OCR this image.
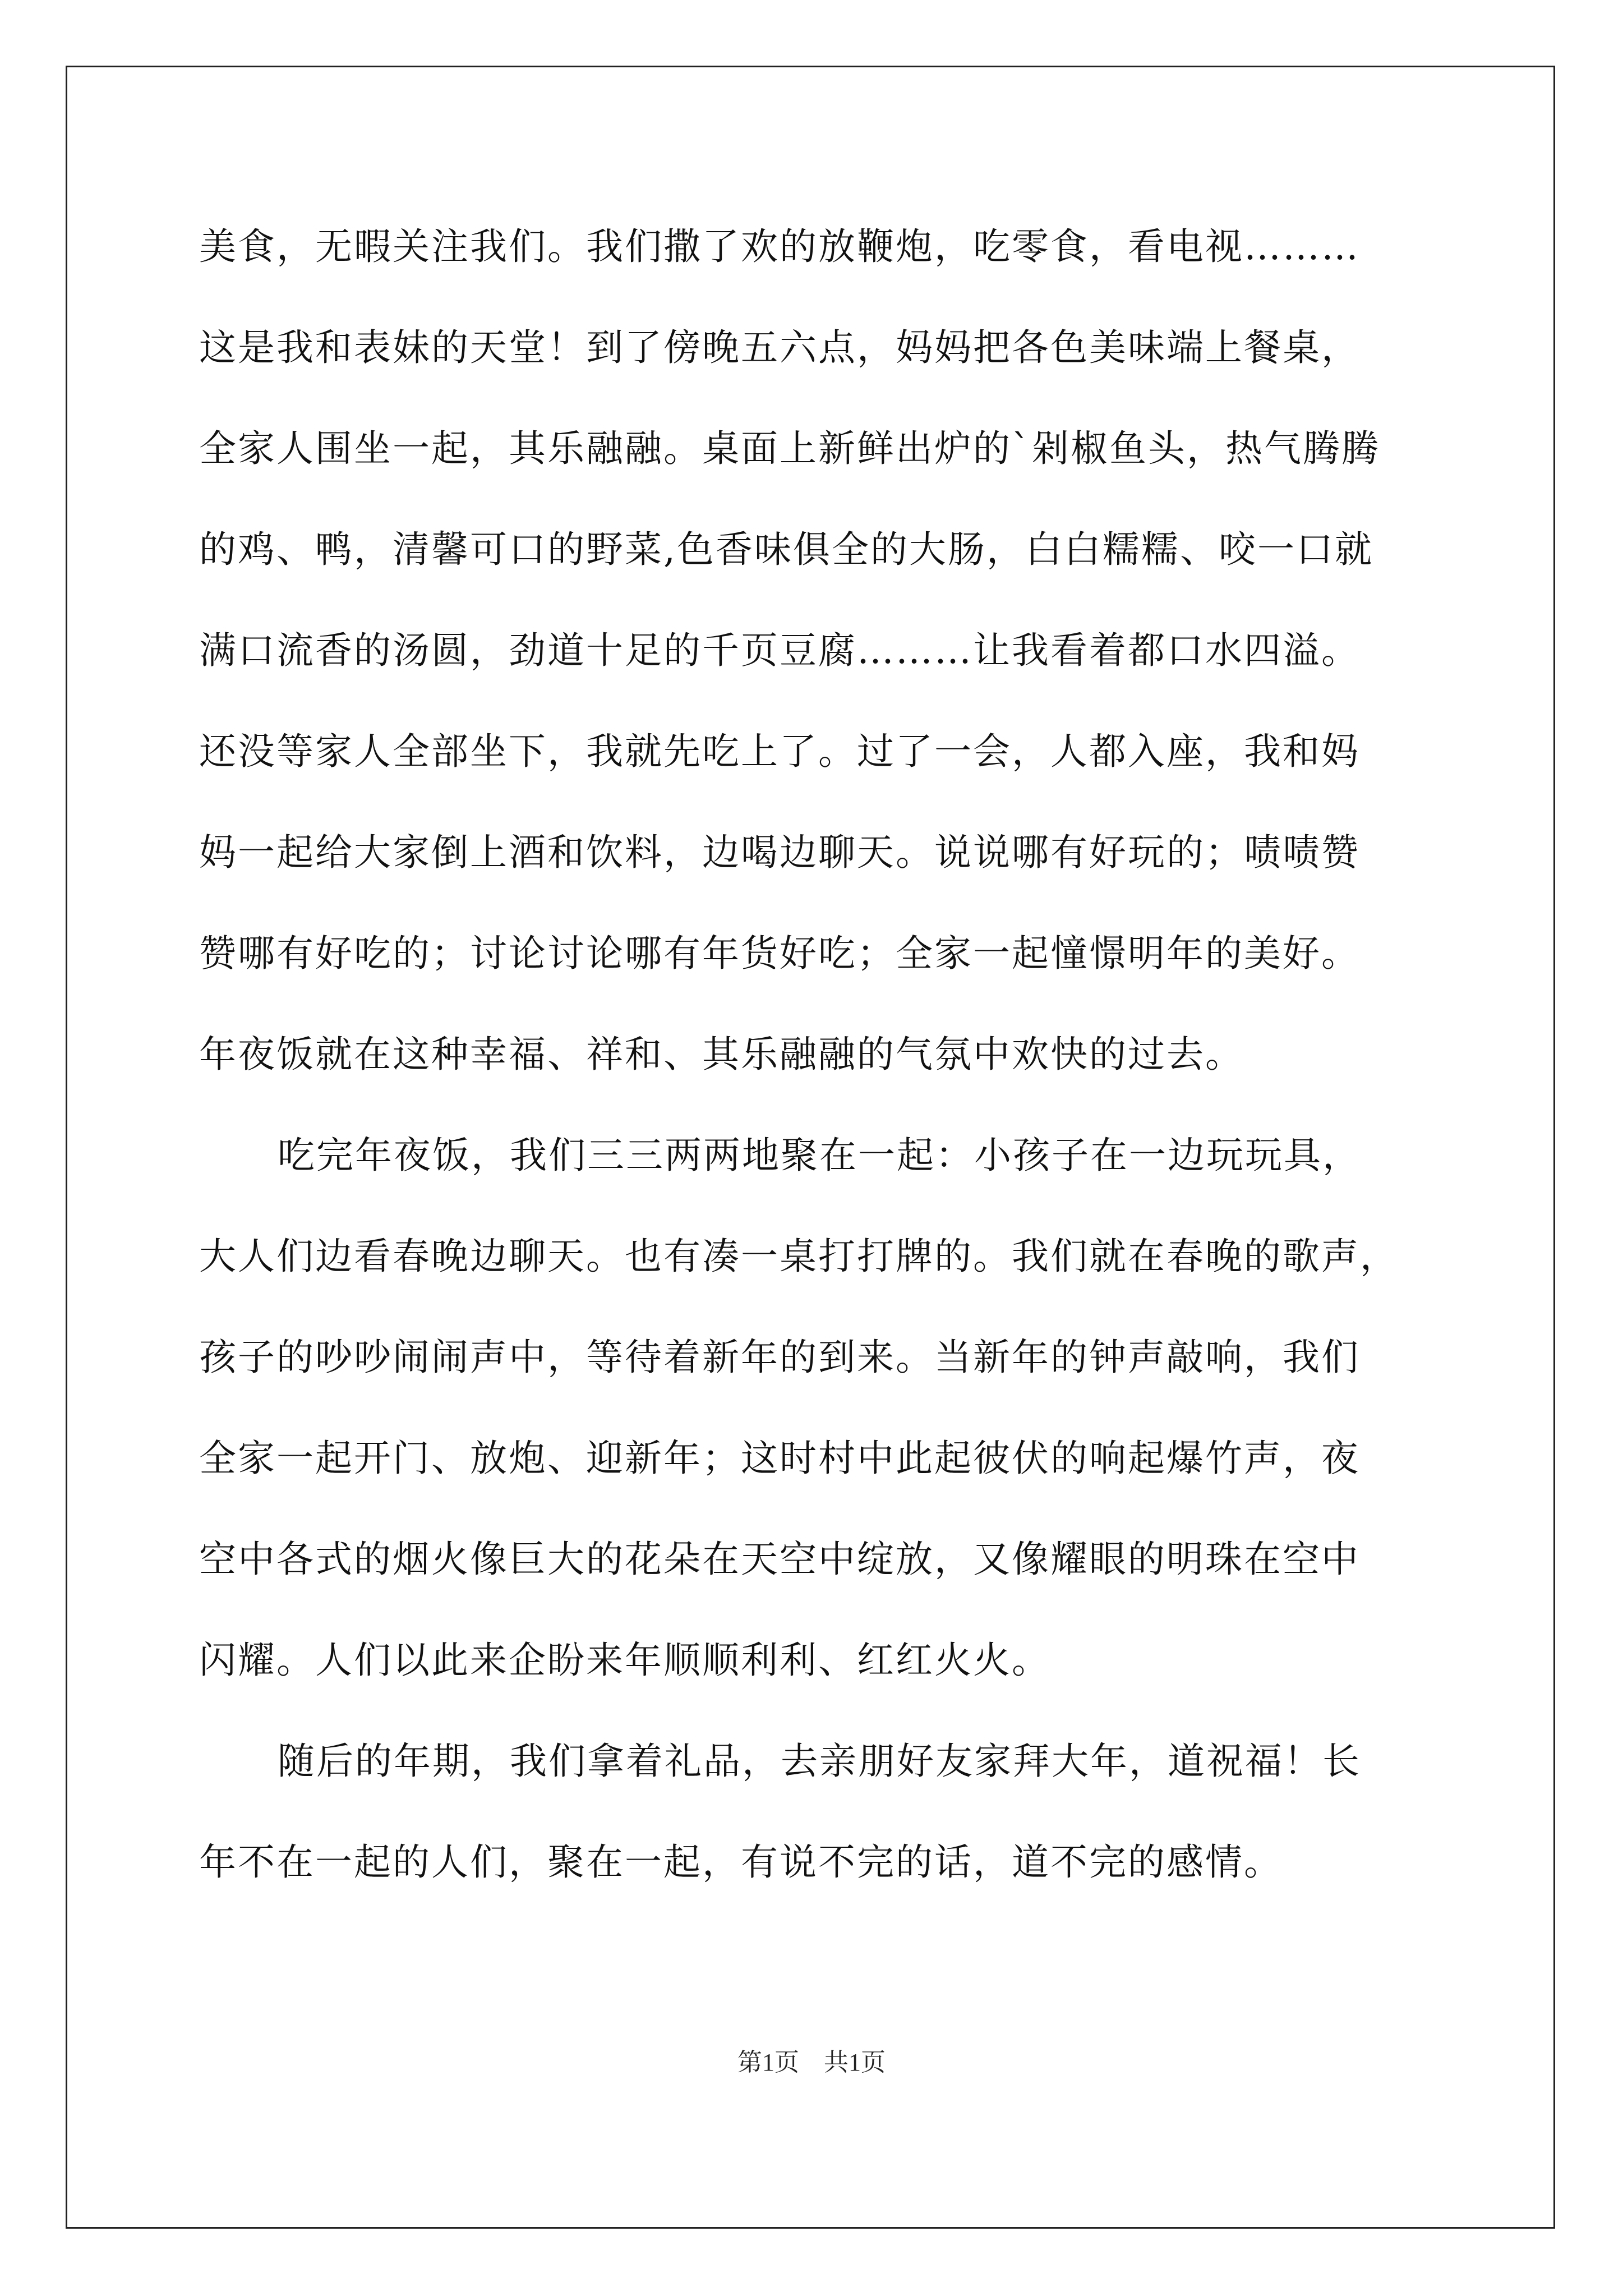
美食，无暇关注我们。我们撒了欢的放鞭炮，吃零食，看电视………
这是我和表妹的天堂！到了傍晚五六点，妈妈把各色美味端上餐桌，
全家人围坐一起，其乐融融。桌面上新鲜出炉的`剁椒鱼头，热气腾腾
的鸡、鸭，清馨可口的野菜,色香味俱全的大肠，白白糯糯、咬一口就
满口流香的汤圆，劲道十足的千页豆腐………让我看着都口水四溢。
还没等家人全部坐下，我就先吃上了。过了一会，人都入座，我和妈
妈一起给大家倒上酒和饮料，边喝边聊天。说说哪有好玩的；啧啧赞
赞哪有好吃的；讨论讨论哪有年货好吃；全家一起憧憬明年的美好。
年夜饭就在这种幸福、祥和、其乐融融的气氛中欢快的过去。
吃完年夜饭，我们三三两两地聚在一起：小孩子在一边玩玩具，
大人们边看春晚边聊天。也有凑一桌打打牌的。我们就在春晚的歌声，
孩子的吵吵闹闹声中，等待着新年的到来。当新年的钟声敲响，我们
全家一起开门、放炮、迎新年；这时村中此起彼伏的响起爆竹声，夜
空中各式的烟火像巨大的花朵在天空中绽放，又像耀眼的明珠在空中
闪耀。人们以此来企盼来年顺顺利利、红红火火。
随后的年期，我们拿着礼品，去亲朋好友家拜大年，道祝福！长
年不在一起的人们，聚在一起，有说不完的话，道不完的感情。
第1页　共1页
